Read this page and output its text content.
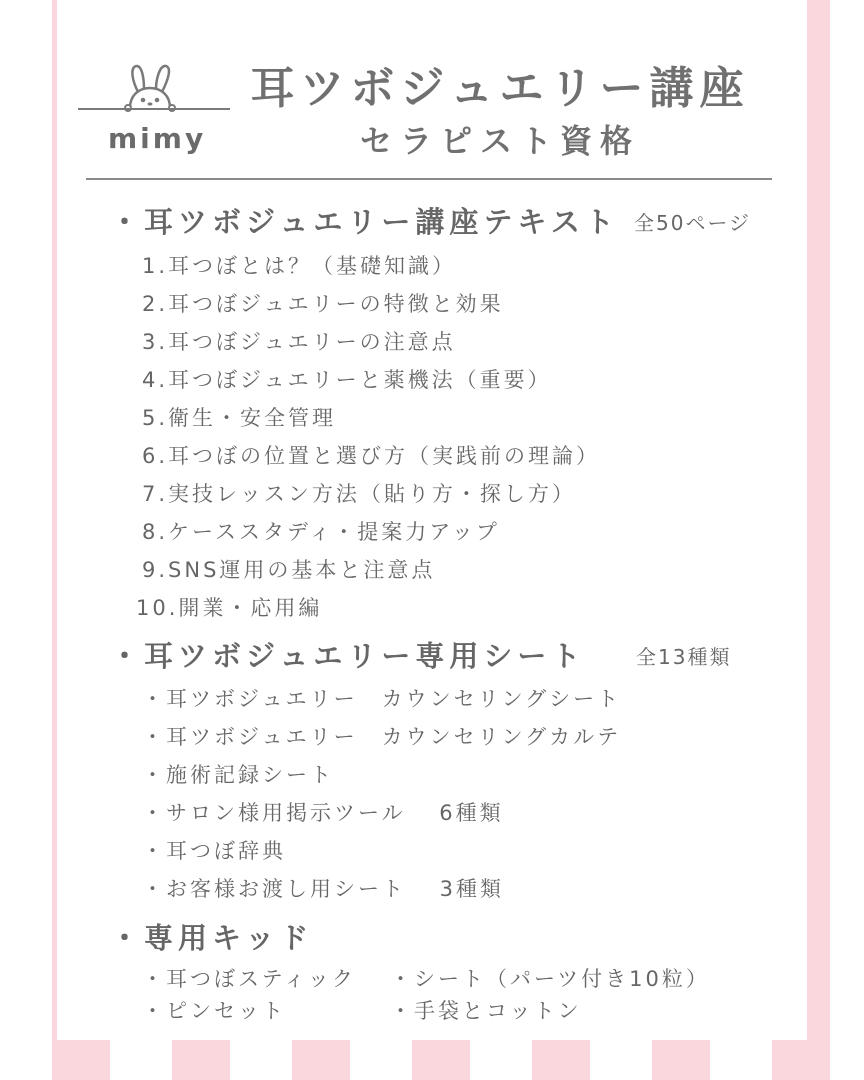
mimy
耳ツボジュエリー講座
セラピスト資格
・耳ツボジュエリー講座テキスト 全50ページ
1.耳つぼとは？（基礎知識）
2.耳つぼジュエリーの特徴と効果
3.耳つぼジュエリーの注意点
4.耳つぼジュエリーと薬機法（重要）
5.衛生・安全管理
6.耳つぼの位置と選び方（実践前の理論）
7.実技レッスン方法（貼り方・探し方）
8.ケーススタディ・提案力アップ
9.SNS運用の基本と注意点
10.開業・応用編
・耳ツボジュエリー専用シート	全13種類
・耳ツボジュエリー　カウンセリングシート
・耳ツボジュエリー　カウンセリングカルテ
・施術記録シート
・サロン様用掲示ツール　 6種類
・耳つぼ辞典
・お客様お渡し用シート　 3種類
・専用キッド
・耳つぼスティック ・シート（パーツ付き10粒）
・ピンセット	・手袋とコットン
